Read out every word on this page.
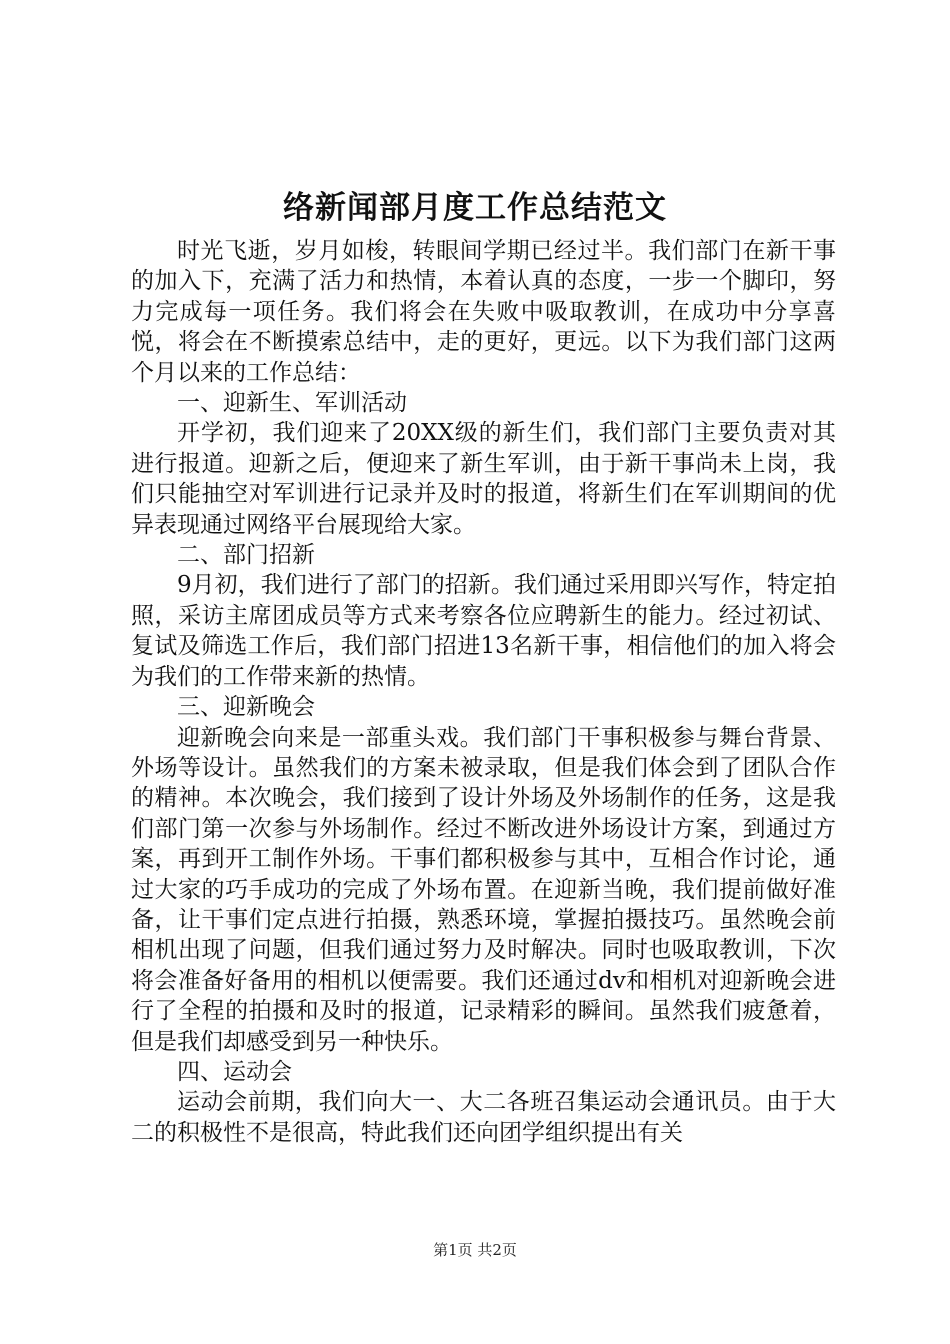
络新闻部月度工作总结范文

时光飞逝，岁月如梭，转眼间学期已经过半。我们部门在新干事的加入下，充满了活力和热情，本着认真的态度，一步一个脚印，努力完成每一项任务。我们将会在失败中吸取教训，在成功中分享喜悦，将会在不断摸索总结中，走的更好，更远。以下为我们部门这两个月以来的工作总结：

一、迎新生、军训活动

开学初，我们迎来了20XX级的新生们，我们部门主要负责对其进行报道。迎新之后，便迎来了新生军训，由于新干事尚未上岗，我们只能抽空对军训进行记录并及时的报道，将新生们在军训期间的优异表现通过网络平台展现给大家。

二、部门招新

9月初，我们进行了部门的招新。我们通过采用即兴写作，特定拍照，采访主席团成员等方式来考察各位应聘新生的能力。经过初试、复试及筛选工作后，我们部门招进13名新干事，相信他们的加入将会为我们的工作带来新的热情。

三、迎新晚会

迎新晚会向来是一部重头戏。我们部门干事积极参与舞台背景、外场等设计。虽然我们的方案未被录取，但是我们体会到了团队合作的精神。本次晚会，我们接到了设计外场及外场制作的任务，这是我们部门第一次参与外场制作。经过不断改进外场设计方案，到通过方案，再到开工制作外场。干事们都积极参与其中，互相合作讨论，通过大家的巧手成功的完成了外场布置。在迎新当晚，我们提前做好准备，让干事们定点进行拍摄，熟悉环境，掌握拍摄技巧。虽然晚会前相机出现了问题，但我们通过努力及时解决。同时也吸取教训，下次将会准备好备用的相机以便需要。我们还通过dv和相机对迎新晚会进行了全程的拍摄和及时的报道，记录精彩的瞬间。虽然我们疲惫着，但是我们却感受到另一种快乐。

四、运动会

运动会前期，我们向大一、大二各班召集运动会通讯员。由于大二的积极性不是很高，特此我们还向团学组织提出有关

第1页 共2页
